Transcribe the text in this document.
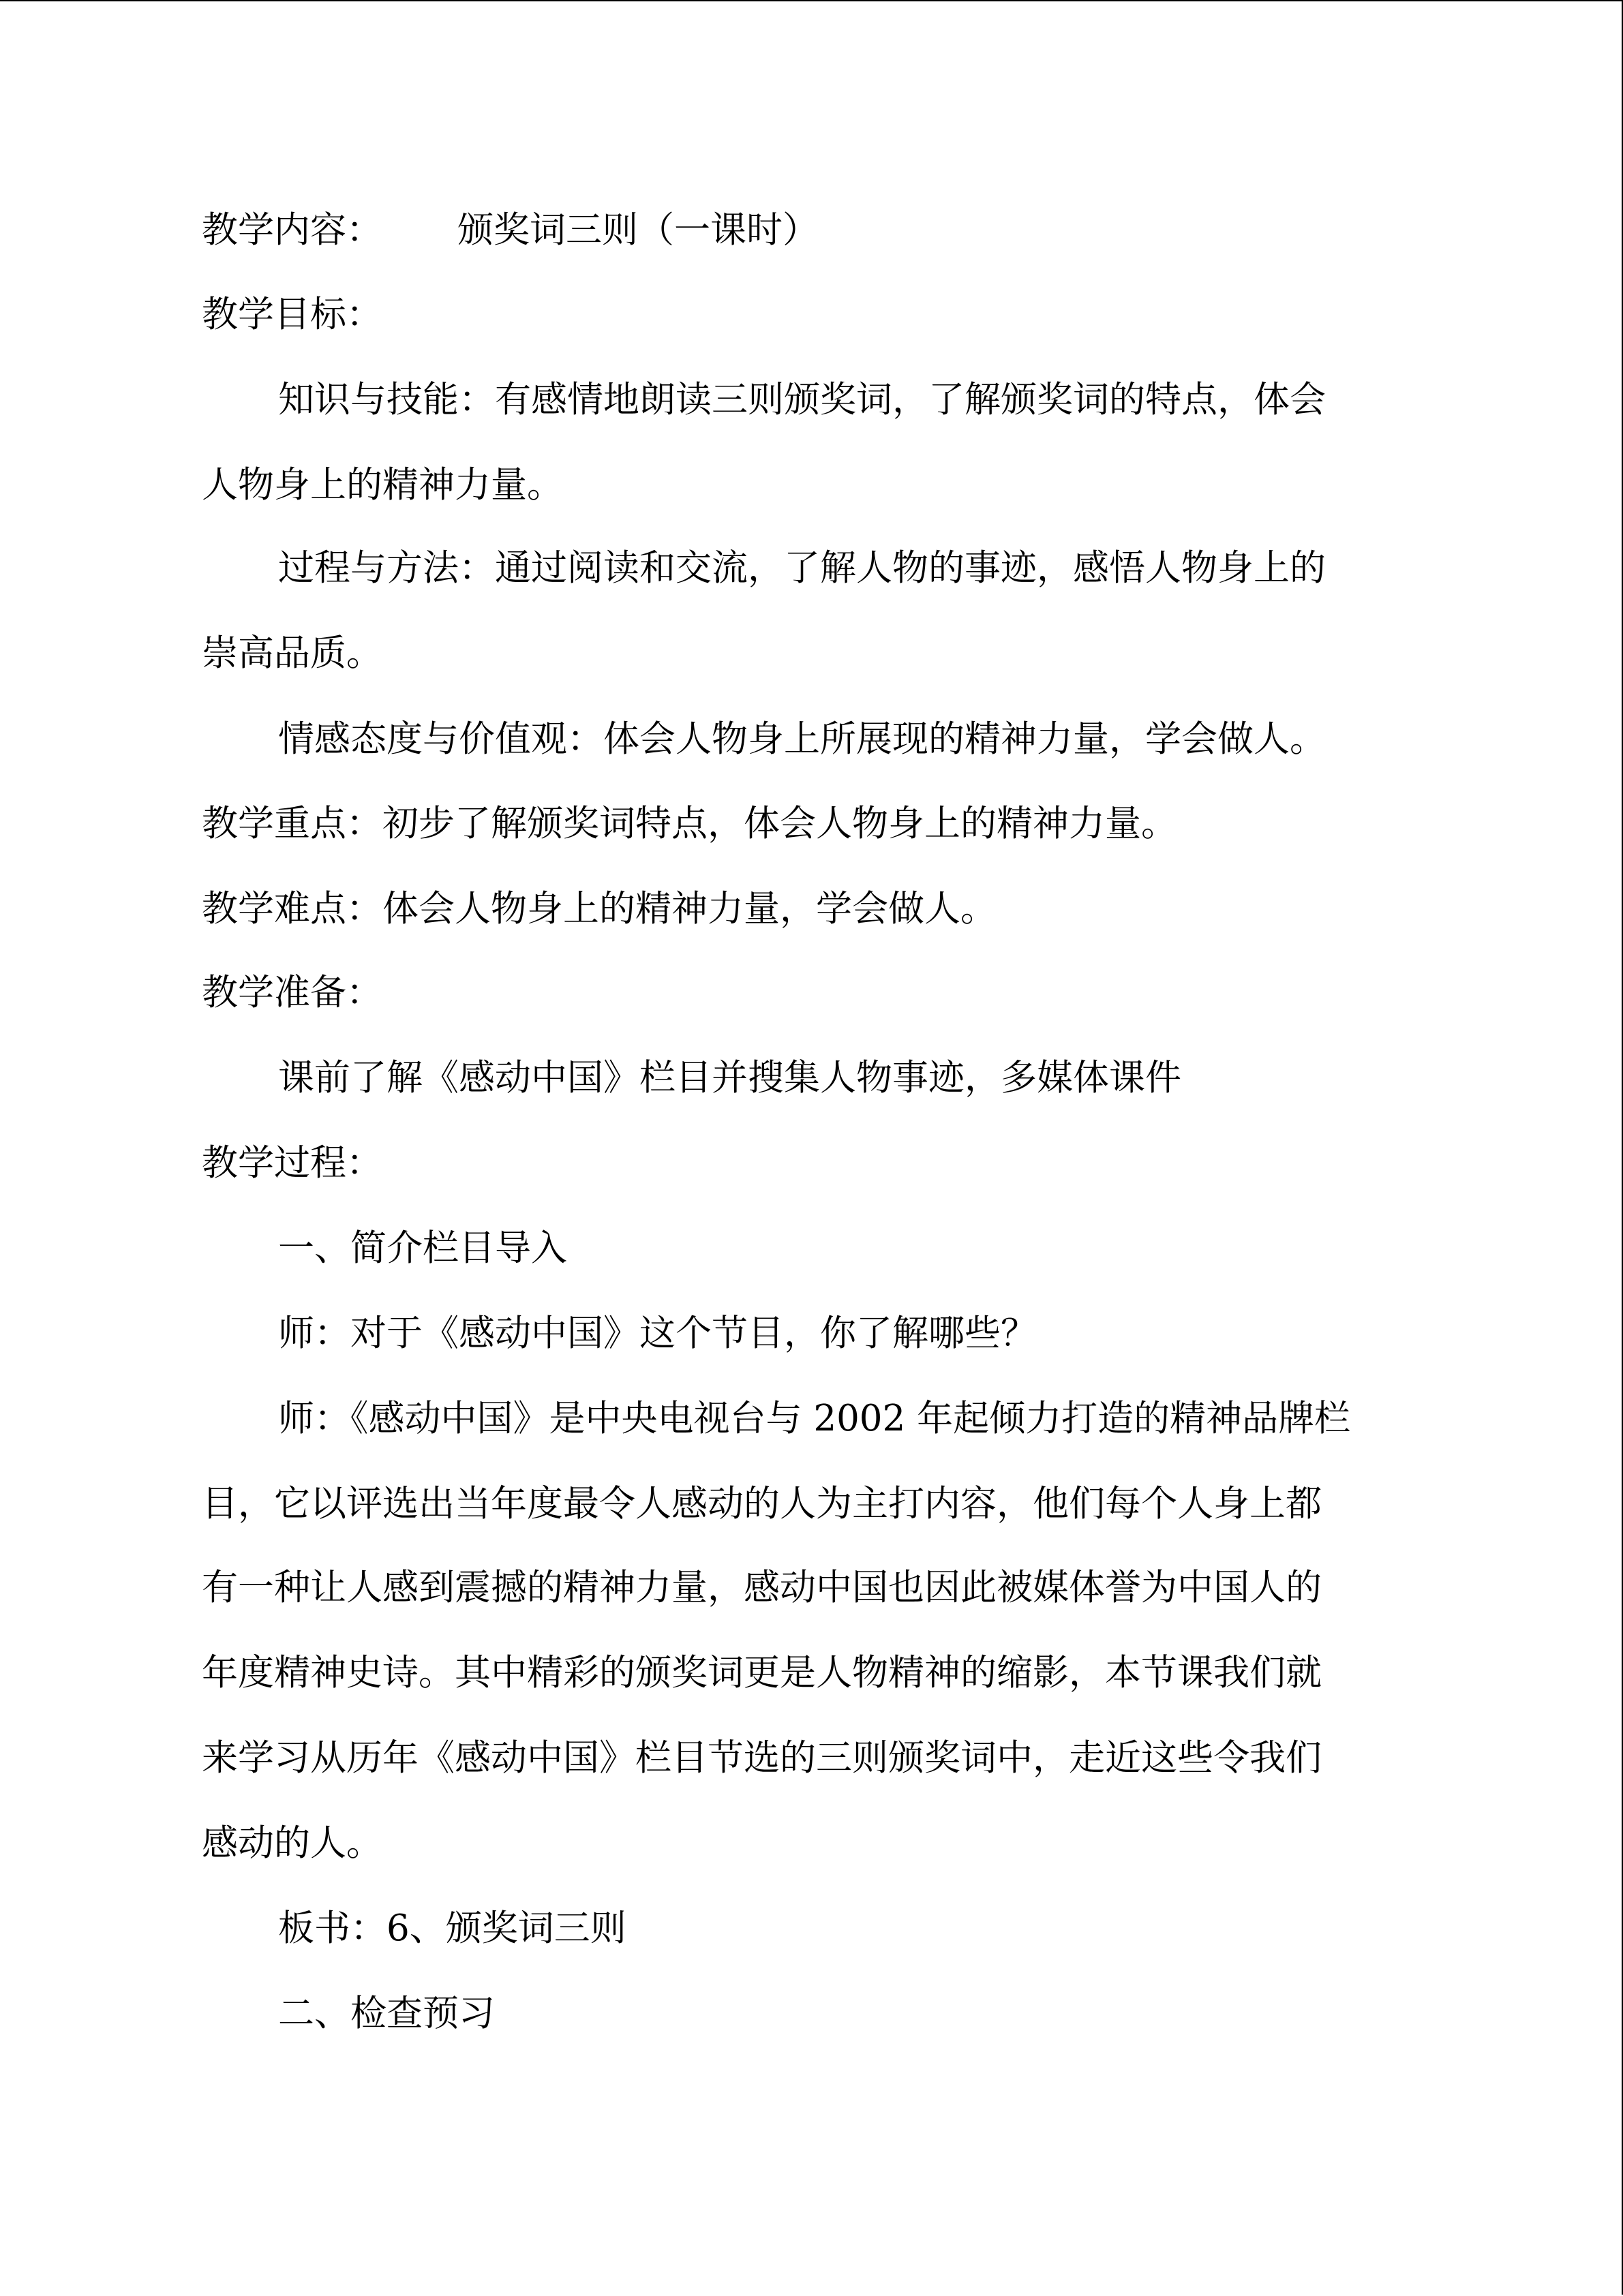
教学内容： 颁奖词三则（一课时）
教学目标：
知识与技能：有感情地朗读三则颁奖词，了解颁奖词的特点，体会
人物身上的精神力量。
过程与方法：通过阅读和交流，了解人物的事迹，感悟人物身上的
崇高品质。
情感态度与价值观：体会人物身上所展现的精神力量，学会做人。
教学重点：初步了解颁奖词特点，体会人物身上的精神力量。
教学难点：体会人物身上的精神力量，学会做人。
教学准备：
课前了解《感动中国》栏目并搜集人物事迹，多媒体课件
教学过程：
一、简介栏目导入
师：对于《感动中国》这个节目，你了解哪些？
师：《感动中国》是中央电视台与 2002 年起倾力打造的精神品牌栏
目，它以评选出当年度最令人感动的人为主打内容，他们每个人身上都
有一种让人感到震撼的精神力量，感动中国也因此被媒体誉为中国人的
年度精神史诗。其中精彩的颁奖词更是人物精神的缩影，本节课我们就
来学习从历年《感动中国》栏目节选的三则颁奖词中，走近这些令我们
感动的人。
板书：6、颁奖词三则
二、检查预习
